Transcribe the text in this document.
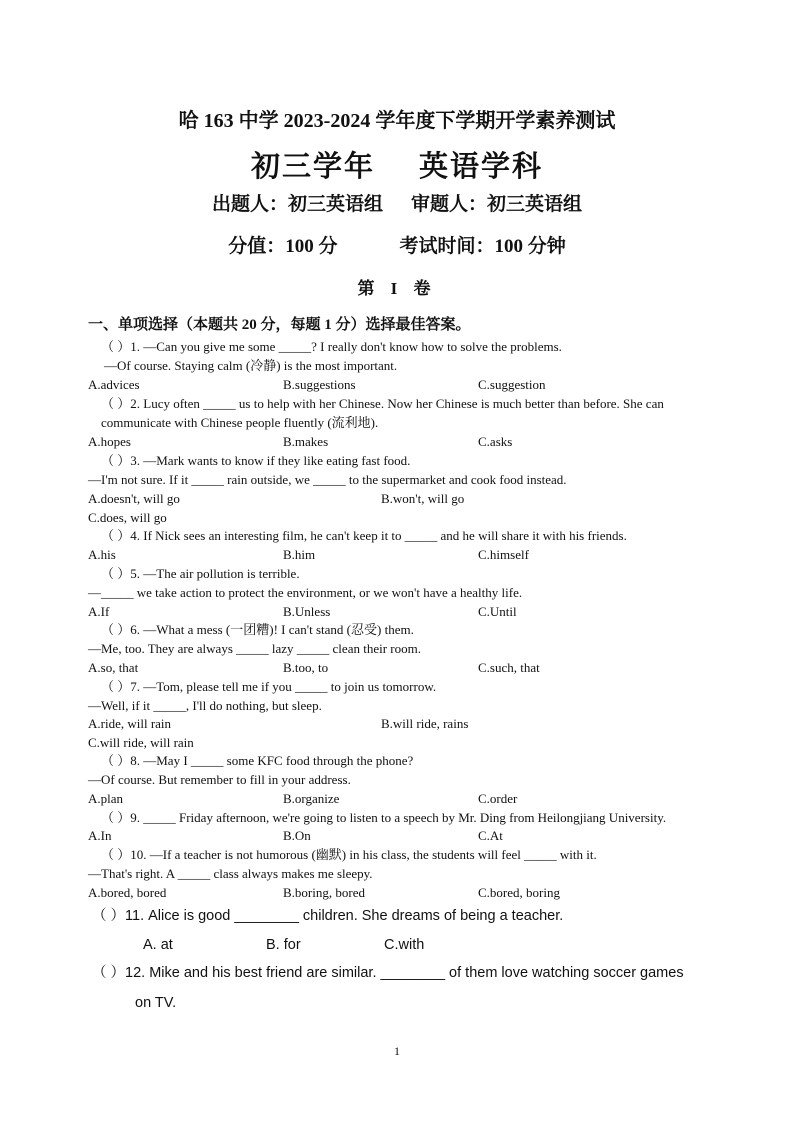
哈 163 中学 2023-2024 学年度下学期开学素养测试
初三学年 英语学科
出题人：初三英语组 审题人：初三英语组
分值：100 分	考试时间：100 分钟
第 I 卷
一、单项选择（本题共 20 分，每题 1 分）选择最佳答案。
（ ）1. —Can you give me some _____? I really don't know how to solve the problems.
—Of course. Staying calm (冷静) is the most important.
A.advices	B.suggestions	C.suggestion
（ ）2. Lucy often _____ us to help with her Chinese. Now her Chinese is much better than before. She can communicate with Chinese people fluently (流利地).
A.hopes	B.makes	C.asks
（ ）3. —Mark wants to know if they like eating fast food.
—I'm not sure. If it _____ rain outside, we _____ to the supermarket and cook food instead.
A.doesn't, will go	B.won't, will go
C.does, will go
（ ）4. If Nick sees an interesting film, he can't keep it to _____ and he will share it with his friends.
A.his	B.him	C.himself
（ ）5. —The air pollution is terrible.
—_____ we take action to protect the environment, or we won't have a healthy life.
A.If	B.Unless	C.Until
（ ）6. —What a mess (一团糟)! I can't stand (忍受) them.
—Me, too. They are always _____ lazy _____ clean their room.
A.so, that	B.too, to	C.such, that
（ ）7. —Tom, please tell me if you _____ to join us tomorrow.
—Well, if it _____, I'll do nothing, but sleep.
A.ride, will rain	B.will ride, rains
C.will ride, will rain
（ ）8. —May I _____ some KFC food through the phone?
—Of course. But remember to fill in your address.
A.plan	B.organize	C.order
（ ）9. _____ Friday afternoon, we're going to listen to a speech by Mr. Ding from Heilongjiang University.
A.In	B.On	C.At
（ ）10. —If a teacher is not humorous (幽默) in his class, the students will feel _____ with it.
—That's right. A _____ class always makes me sleepy.
A.bored, bored	B.boring, bored	C.bored, boring
（ ）11. Alice is good ________ children. She dreams of being a teacher.
A. at	B. for	C.with
（ ）12. Mike and his best friend are similar. ________ of them love watching soccer games
on TV.
1
